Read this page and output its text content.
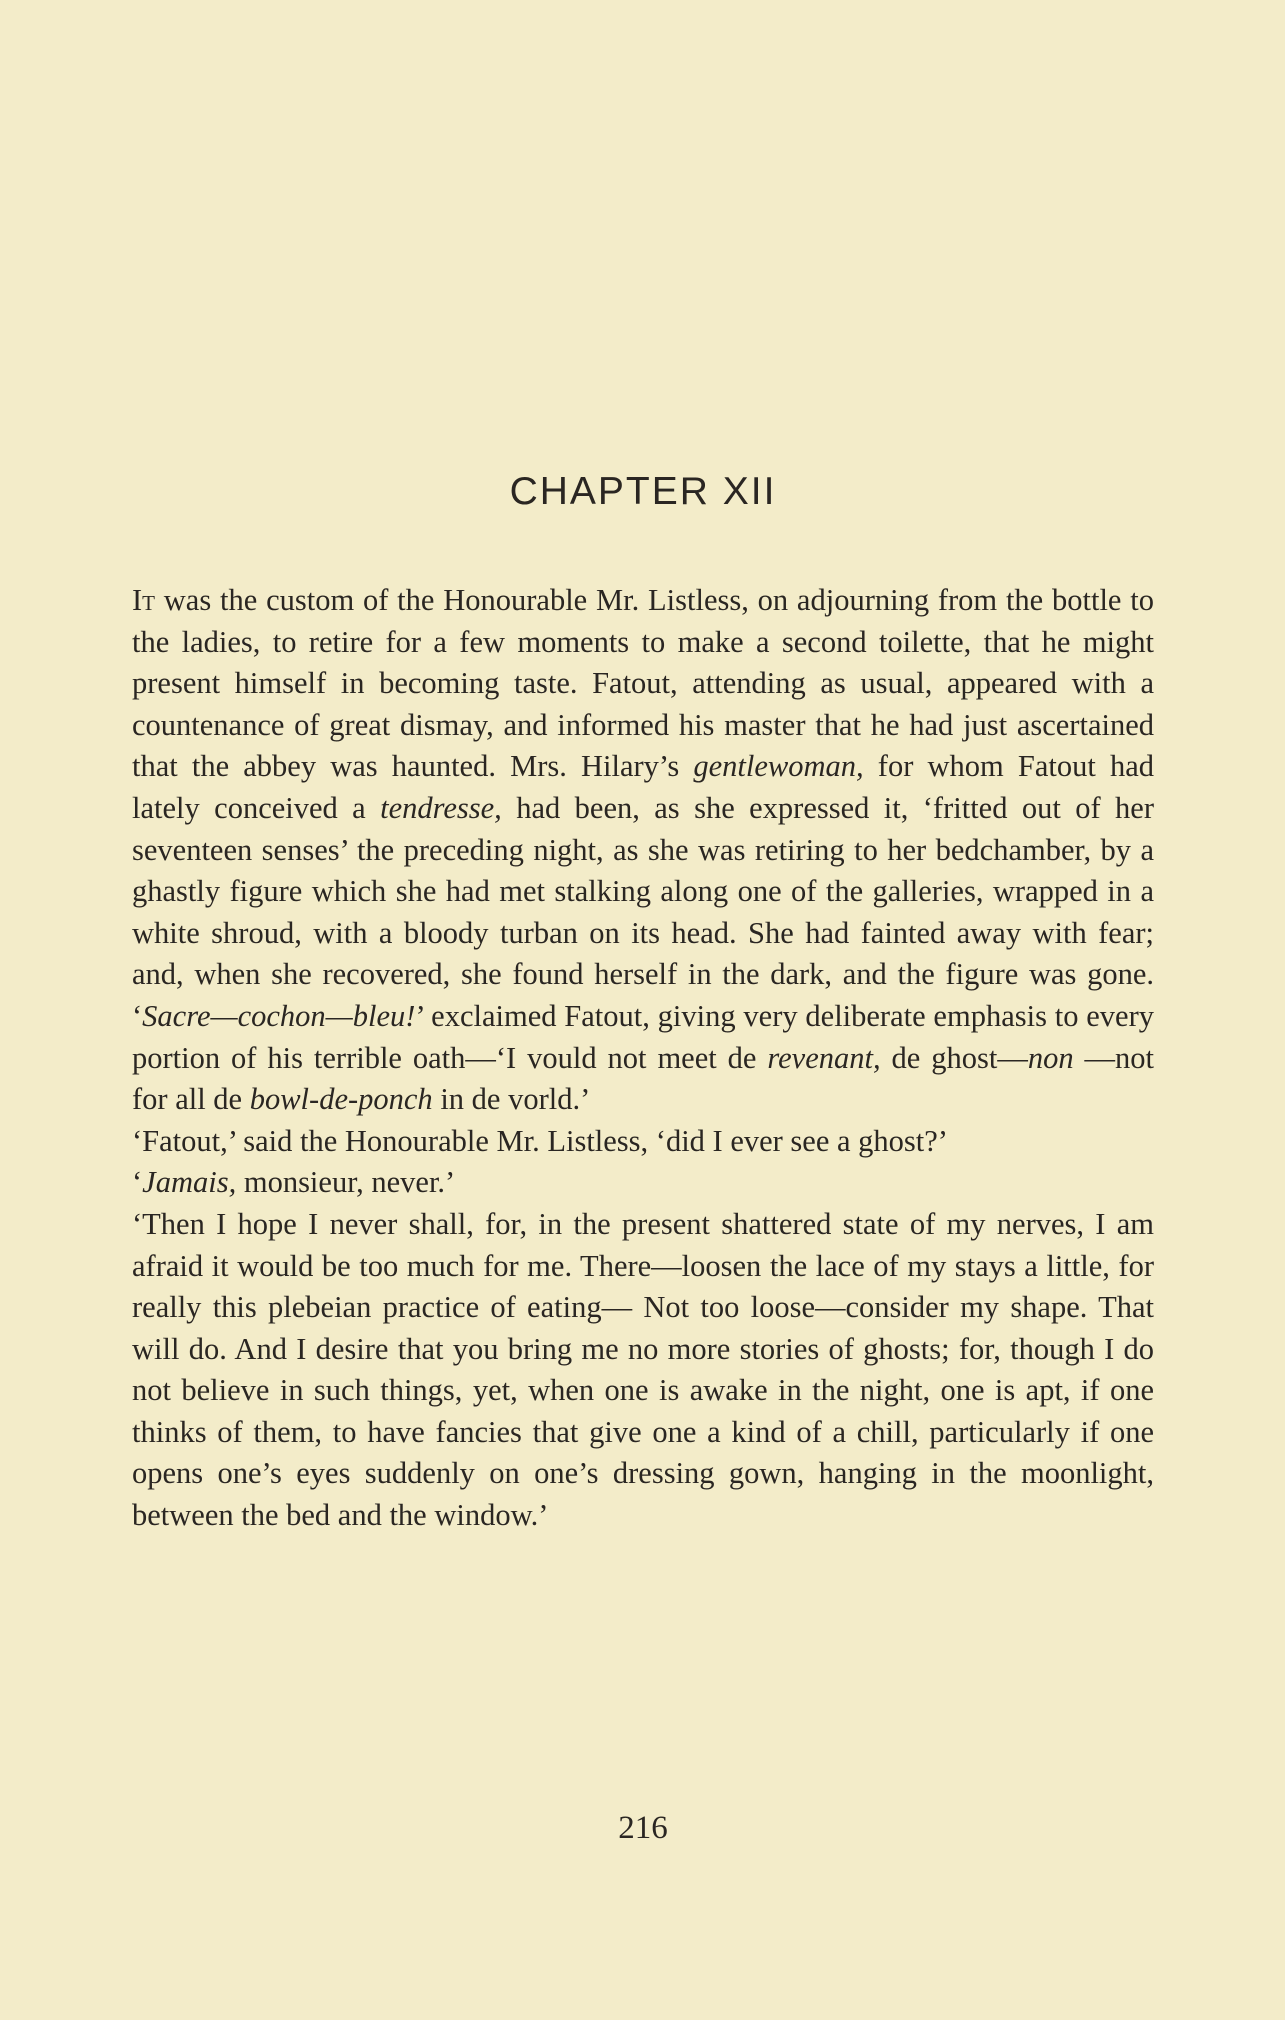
CHAPTER XII

It was the custom of the Honourable Mr. Listless, on adjourning from the bottle to the ladies, to retire for a few moments to make a second toilette, that he might present himself in becoming taste. Fatout, attending as usual, appeared with a countenance of great dismay, and informed his master that he had just ascertained that the abbey was haunted. Mrs. Hilary’s gentlewoman, for whom Fatout had lately conceived a tendresse, had been, as she expressed it, ‘fritted out of her seventeen senses’ the preceding night, as she was retiring to her bedchamber, by a ghastly figure which she had met stalking along one of the galleries, wrapped in a white shroud, with a bloody turban on its head. She had fainted away with fear; and, when she recovered, she found herself in the dark, and the figure was gone. ‘Sacre—cochon—bleu!’ exclaimed Fatout, giving very deliberate emphasis to every portion of his terrible oath—‘I vould not meet de revenant, de ghost—non —not for all de bowl-de-ponch in de vorld.’

‘Fatout,’ said the Honourable Mr. Listless, ‘did I ever see a ghost?’

‘Jamais, monsieur, never.’

‘Then I hope I never shall, for, in the present shattered state of my nerves, I am afraid it would be too much for me. There—loosen the lace of my stays a little, for really this plebeian practice of eating— Not too loose—consider my shape. That will do. And I desire that you bring me no more stories of ghosts; for, though I do not believe in such things, yet, when one is awake in the night, one is apt, if one thinks of them, to have fancies that give one a kind of a chill, particularly if one opens one’s eyes suddenly on one’s dressing gown, hanging in the moonlight, between the bed and the window.’

216
